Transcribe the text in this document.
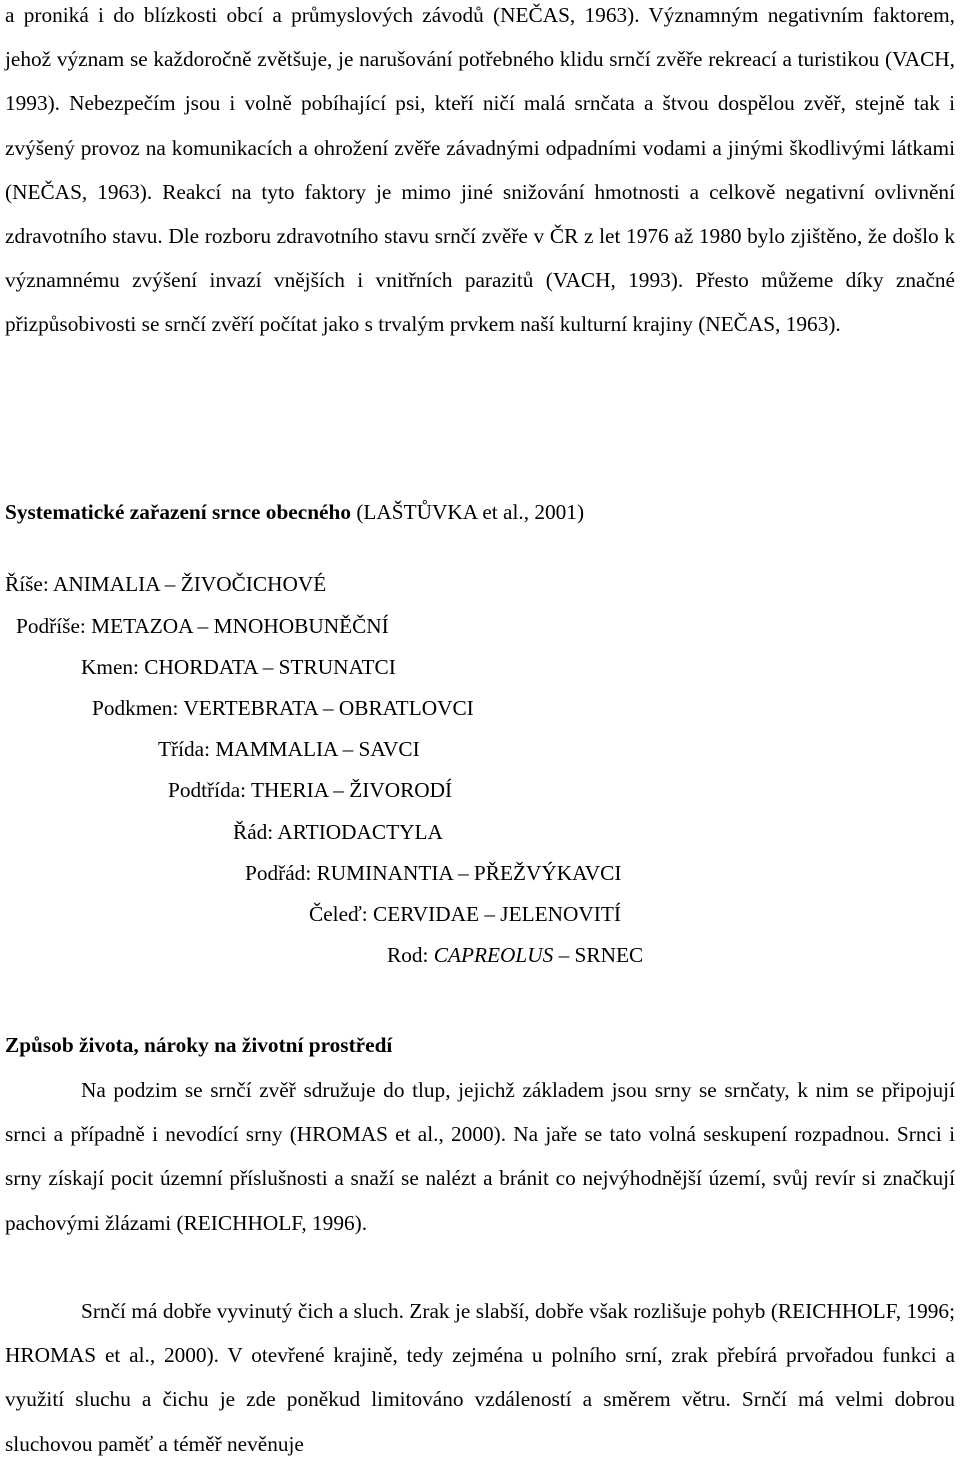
a proniká i do blízkosti obcí a průmyslových závodů (NEČAS, 1963). Významným negativním faktorem, jehož význam se každoročně zvětšuje, je narušování potřebného klidu srnčí zvěře rekreací a turistikou (VACH, 1993). Nebezpečím jsou i volně pobíhající psi, kteří ničí malá srnčata a štvou dospělou zvěř, stejně tak i zvýšený provoz na komunikacích a ohrožení zvěře závadnými odpadními vodami a jinými škodlivými látkami (NEČAS, 1963). Reakcí na tyto faktory je mimo jiné snižování hmotnosti a celkově negativní ovlivnění zdravotního stavu. Dle rozboru zdravotního stavu srnčí zvěře v ČR z let 1976 až 1980 bylo zjištěno, že došlo k významnému zvýšení invazí vnějších i vnitřních parazitů (VACH, 1993). Přesto můžeme díky značné přizpůsobivosti se srnčí zvěří počítat jako s trvalým prvkem naší kulturní krajiny (NEČAS, 1963).

Systematické zařazení srnce obecného (LAŠTŮVKA et al., 2001)

Říše: ANIMALIA – ŽIVOČICHOVÉ

Podříše: METAZOA – MNOHOBUNĚČNÍ

Kmen: CHORDATA – STRUNATCI

Podkmen: VERTEBRATA – OBRATLOVCI

Třída: MAMMALIA – SAVCI

Podtřída: THERIA – ŽIVORODÍ

Řád: ARTIODACTYLA

Podřád: RUMINANTIA – PŘEŽVÝKAVCI

Čeleď: CERVIDAE – JELENOVITÍ

Rod: CAPREOLUS – SRNEC

Způsob života, nároky na životní prostředí

Na podzim se srnčí zvěř sdružuje do tlup, jejichž základem jsou srny se srnčaty, k nim se připojují srnci a případně i nevodící srny (HROMAS et al., 2000). Na jaře se tato volná seskupení rozpadnou. Srnci i srny získají pocit územní příslušnosti a snaží se nalézt a bránit co nejvýhodnější území, svůj revír si značkují pachovými žlázami (REICHHOLF, 1996).

Srnčí má dobře vyvinutý čich a sluch. Zrak je slabší, dobře však rozlišuje pohyb (REICHHOLF, 1996; HROMAS et al., 2000). V otevřené krajině, tedy zejména u polního srní, zrak přebírá prvořadou funkci a využití sluchu a čichu je zde poněkud limitováno vzdáleností a směrem větru. Srnčí má velmi dobrou sluchovou paměť a téměř nevěnuje
